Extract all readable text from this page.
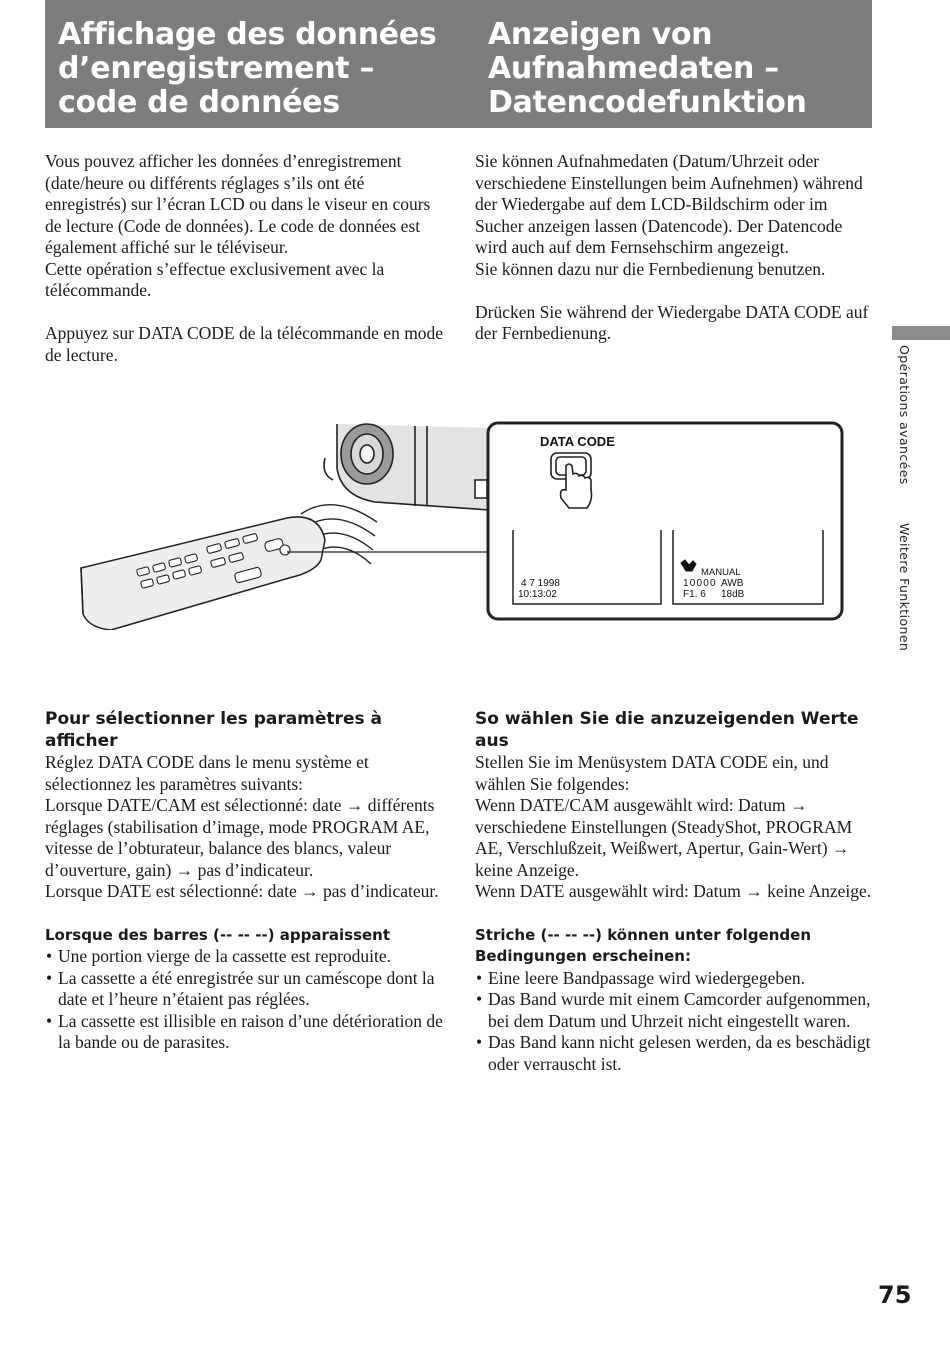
Affichage des données d’enregistrement – code de données
Anzeigen von Aufnahmedaten – Datencodefunktion

Vous pouvez afficher les données d’enregistrement (date/heure ou différents réglages s’ils ont été enregistrés) sur l’écran LCD ou dans le viseur en cours de lecture (Code de données). Le code de données est également affiché sur le téléviseur.

Cette opération s’effectue exclusivement avec la télécommande.

Appuyez sur DATA CODE de la télécommande en mode de lecture.

Sie können Aufnahmedaten (Datum/Uhrzeit oder verschiedene Einstellungen beim Aufnehmen) während der Wiedergabe auf dem LCD-Bildschirm oder im Sucher anzeigen lassen (Datencode). Der Datencode wird auch auf dem Fernsehschirm angezeigt.

Sie können dazu nur die Fernbedienung benutzen.

Drücken Sie während der Wiedergabe DATA CODE auf der Fernbedienung.

DATA CODE
4 7 1998
10:13:02
MANUAL
10000 AWB
F1. 6 18dB

Pour sélectionner les paramètres à afficher

Réglez DATA CODE dans le menu système et sélectionnez les paramètres suivants:

Lorsque DATE/CAM est sélectionné: date → différents réglages (stabilisation d’image, mode PROGRAM AE, vitesse de l’obturateur, balance des blancs, valeur d’ouverture, gain) → pas d’indicateur.

Lorsque DATE est sélectionné: date → pas d’indicateur.

Lorsque des barres (-- -- --) apparaissent

• Une portion vierge de la cassette est reproduite.
• La cassette a été enregistrée sur un caméscope dont la date et l’heure n’étaient pas réglées.
• La cassette est illisible en raison d’une détérioration de la bande ou de parasites.

So wählen Sie die anzuzeigenden Werte aus

Stellen Sie im Menüsystem DATA CODE ein, und wählen Sie folgendes:

Wenn DATE/CAM ausgewählt wird: Datum → verschiedene Einstellungen (SteadyShot, PROGRAM AE, Verschlußzeit, Weißwert, Apertur, Gain-Wert) → keine Anzeige.

Wenn DATE ausgewählt wird: Datum → keine Anzeige.

Striche (-- -- --) können unter folgenden Bedingungen erscheinen:

• Eine leere Bandpassage wird wiedergegeben.
• Das Band wurde mit einem Camcorder aufgenommen, bei dem Datum und Uhrzeit nicht eingestellt waren.
• Das Band kann nicht gelesen werden, da es beschädigt oder verrauscht ist.
Opérations avancées Weitere Funktionen
75
